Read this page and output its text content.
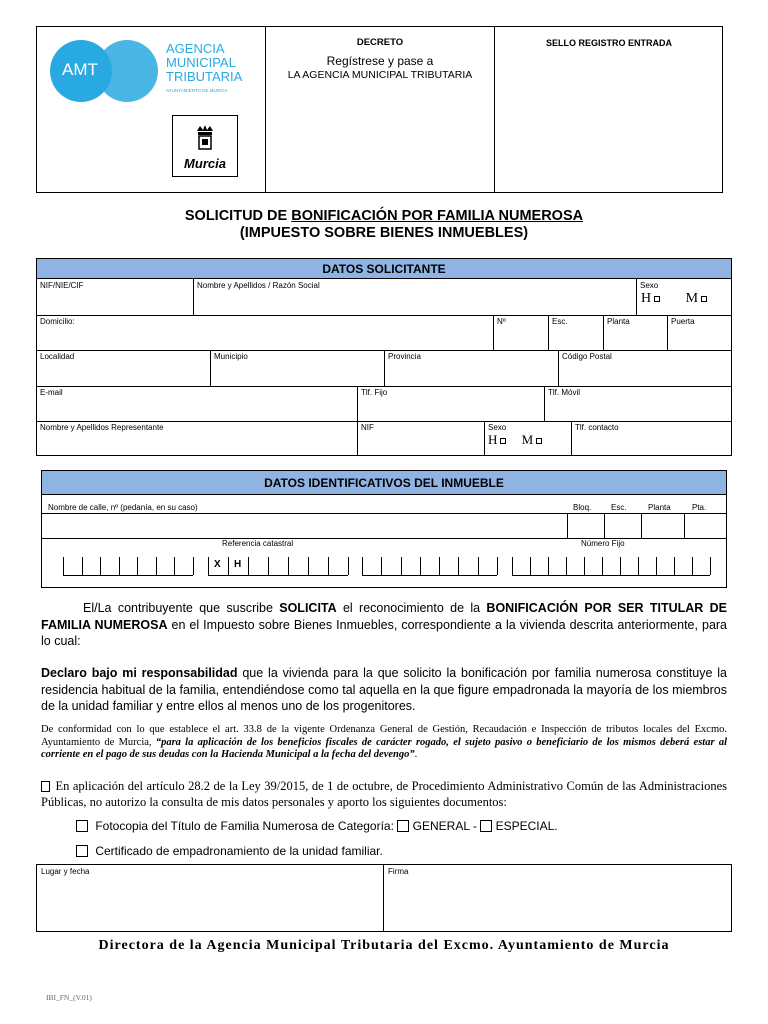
AMT
AGENCIA
MUNICIPAL
TRIBUTARIA
AYUNTAMIENTO DE MURCIA
Murcia
DECRETO
Regístrese y pase a
LA AGENCIA MUNICIPAL TRIBUTARIA
SELLO REGISTRO ENTRADA
SOLICITUD DE BONIFICACIÓN POR FAMILIA NUMEROSA
(IMPUESTO SOBRE BIENES INMUEBLES)
DATOS SOLICITANTE
NIF/NIE/CIF	Nombre y Apellidos / Razón Social	Sexo
H M
Domicilio:	Nº	Esc.	Planta	Puerta
Localidad	Municipio	Provincia	Código Postal
E-mail	Tlf. Fijo	Tlf. Móvil
Nombre y Apellidos Representante	NIF	Sexo
H M
Tlf. contacto
DATOS IDENTIFICATIVOS DEL INMUEBLE
Nombre de calle, nº (pedanía, en su caso)	Bloq. Esc.	Planta	Pta.
Referencia catastral	Número Fijo
X H
El/La contribuyente que suscribe SOLICITA el reconocimiento de la BONIFICACIÓN POR SER TITULAR DE FAMILIA NUMEROSA en el Impuesto sobre Bienes Inmuebles, correspondiente a la vivienda descrita anteriormente, para lo cual:
Declaro bajo mi responsabilidad que la vivienda para la que solicito la bonificación por familia numerosa constituye la residencia habitual de la familia, entendiéndose como tal aquella en la que figure empadronada la mayoría de los miembros de la unidad familiar y entre ellos al menos uno de los progenitores.
De conformidad con lo que establece el art. 33.8 de la vigente Ordenanza General de Gestión, Recaudación e Inspección de tributos locales del Excmo. Ayuntamiento de Murcia, “para la aplicación de los beneficios fiscales de carácter rogado, el sujeto pasivo o beneficiario de los mismos deberá estar al corriente en el pago de sus deudas con la Hacienda Municipal a la fecha del devengo”.
En aplicación del artículo 28.2 de la Ley 39/2015, de 1 de octubre, de Procedimiento Administrativo Común de las Administraciones Públicas, no autorizo la consulta de mis datos personales y aporto los siguientes documentos:
Fotocopia del Título de Familia Numerosa de Categoría: GENERAL - ESPECIAL.
Certificado de empadronamiento de la unidad familiar.
Lugar y fecha	Firma
Directora de la Agencia Municipal Tributaria del Excmo. Ayuntamiento de Murcia
IBI_FN_(V.01)
